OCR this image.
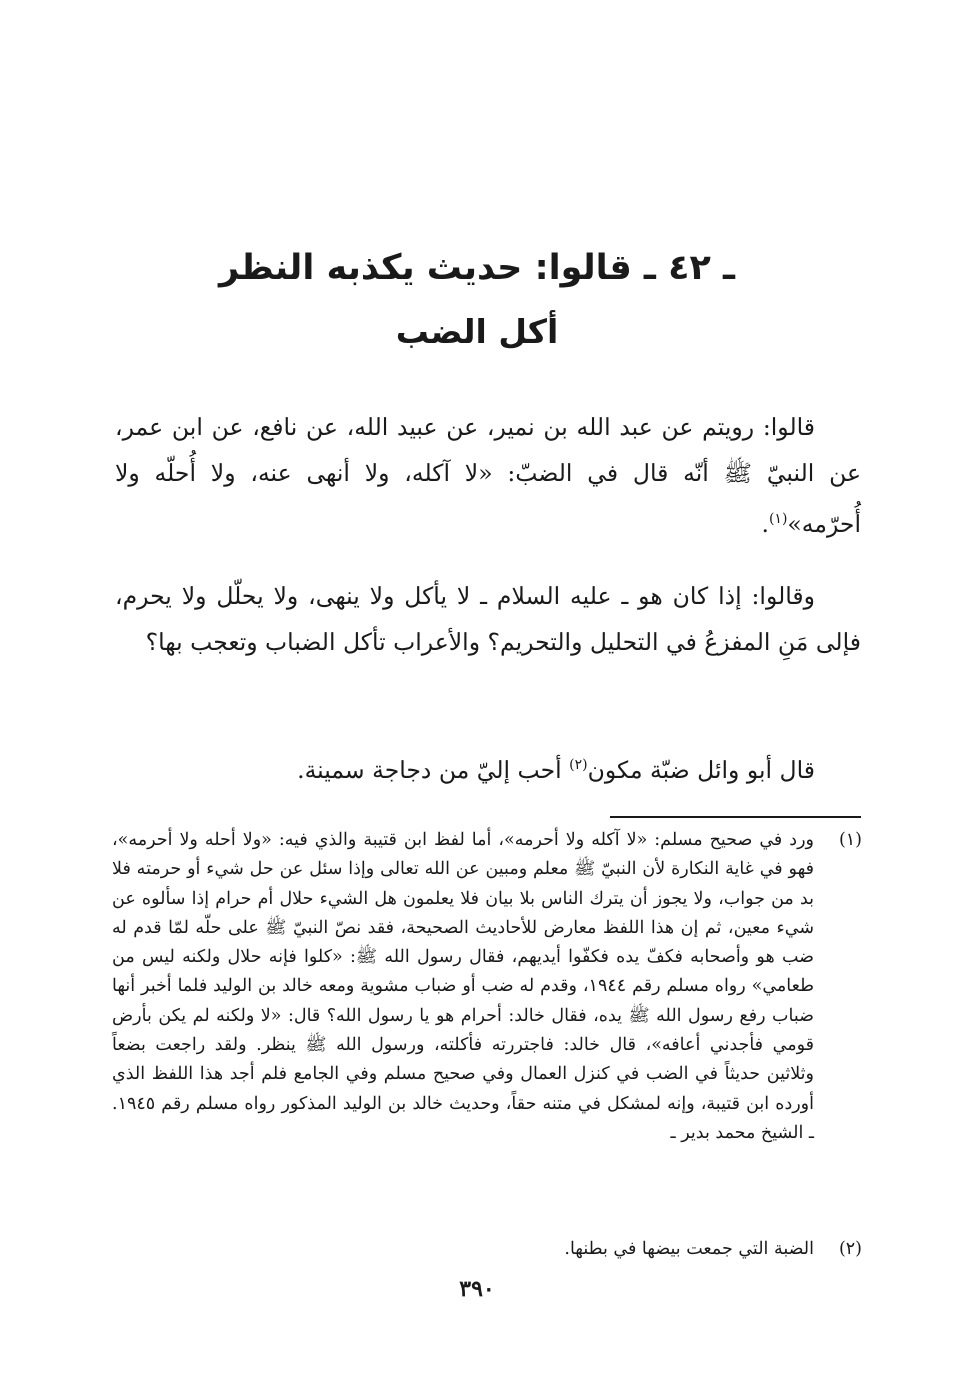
ـ ٤٢ ـ قالوا: حديث يكذبه النظر
أكل الضب
قالوا: رويتم عن عبد الله بن نمير، عن عبيد الله، عن نافع، عن ابن عمر، عن النبيّ ﷺ أنّه قال في الضبّ: «لا آكله، ولا أنهى عنه، ولا أُحلّه ولا أُحرّمه»$^{(١)}$.
وقالوا: إذا كان هو ـ عليه السلام ـ لا يأكل ولا ينهى، ولا يحلّل ولا يحرم، فإلى مَنِ المفزعُ في التحليل والتحريم؟ والأعراب تأكل الضباب وتعجب بها؟
قال أبو وائل ضبّة مكون$^{(٢)}$ أحب إليّ من دجاجة سمينة.
(١)
ورد في صحيح مسلم: «لا آكله ولا أحرمه»، أما لفظ ابن قتيبة والذي فيه: «ولا أحله ولا أحرمه»، فهو في غاية النكارة لأن النبيّ ﷺ معلم ومبين عن الله تعالى وإذا سئل عن حل شيء أو حرمته فلا بد من جواب، ولا يجوز أن يترك الناس بلا بيان فلا يعلمون هل الشيء حلال أم حرام إذا سألوه عن شيء معين، ثم إن هذا اللفظ معارض للأحاديث الصحيحة، فقد نصّ النبيّ ﷺ على حلّه لمّا قدم له ضب هو وأصحابه فكفّ يده فكفّوا أيديهم، فقال رسول الله ﷺ: «كلوا فإنه حلال ولكنه ليس من طعامي» رواه مسلم رقم ١٩٤٤، وقدم له ضب أو ضباب مشوية ومعه خالد بن الوليد فلما أخبر أنها ضباب رفع رسول الله ﷺ يده، فقال خالد: أحرام هو يا رسول الله؟ قال: «لا ولكنه لم يكن بأرض قومي فأجدني أعافه»، قال خالد: فاجتررته فأكلته، ورسول الله ﷺ ينظر. ولقد راجعت بضعاً وثلاثين حديثاً في الضب في كنزل العمال وفي صحيح مسلم وفي الجامع فلم أجد هذا اللفظ الذي أورده ابن قتيبة، وإنه لمشكل في متنه حقاً، وحديث خالد بن الوليد المذكور رواه مسلم رقم ١٩٤٥. ـ الشيخ محمد بدير ـ
(٢)
الضبة التي جمعت بيضها في بطنها.
٣٩٠
